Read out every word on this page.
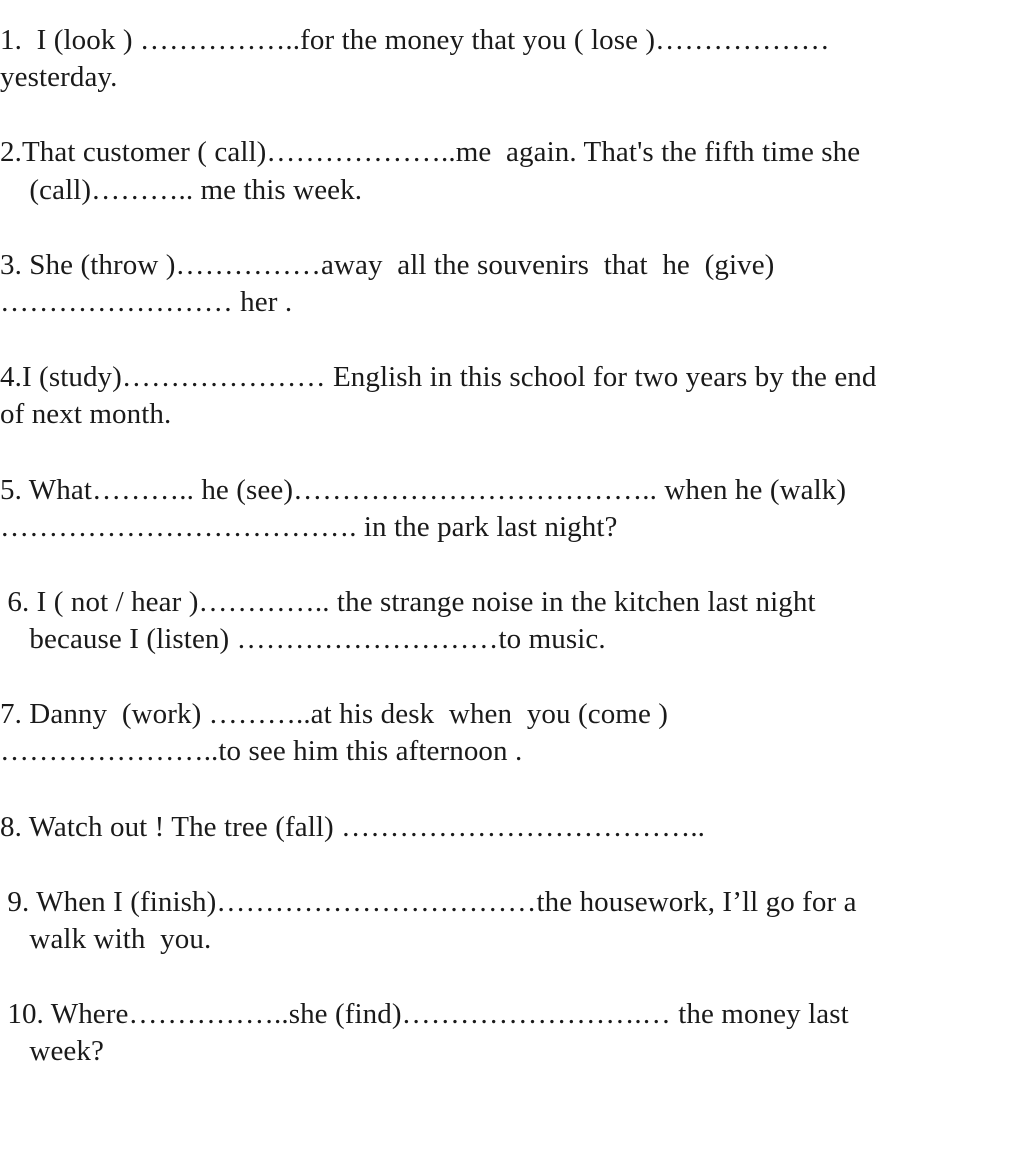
1.  I (look ) ……………..for the money that you ( lose )………………
yesterday.
2.That customer ( call)………………..me  again. That's the fifth time she
(call)……….. me this week.
3. She (throw )……………away  all the souvenirs  that  he  (give)
…………………… her .
4.I (study)………………… English in this school for two years by the end
of next month.
5. What……….. he (see)……………………………….. when he (walk)
………………………………. in the park last night?
6. I ( not / hear )………….. the strange noise in the kitchen last night
because I (listen) ………………………to music.
7. Danny  (work) ………..at his desk  when  you (come )
…………………..to see him this afternoon .
8. Watch out ! The tree (fall) ………………………………..
9. When I (finish)……………………………the housework, I’ll go for a
walk with  you.
10. Where……………..she (find)…………………….… the money last
week?
